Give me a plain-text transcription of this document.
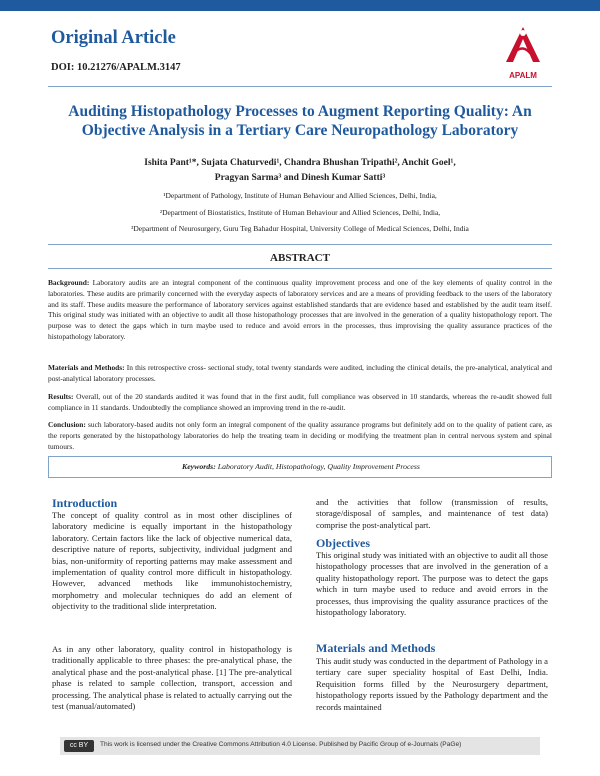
Original Article
DOI: 10.21276/APALM.3147
APALM
Auditing Histopathology Processes to Augment Reporting Quality: An Objective Analysis in a Tertiary Care Neuropathology Laboratory
Ishita Pant¹*, Sujata Chaturvedi¹, Chandra Bhushan Tripathi², Anchit Goel¹,
Pragyan Sarma³ and Dinesh Kumar Satti³
¹Department of Pathology, Institute of Human Behaviour and Allied Sciences, Delhi, India,
²Department of Biostatistics, Institute of Human Behaviour and Allied Sciences, Delhi, India,
³Department of Neurosurgery, Guru Teg Bahadur Hospital, University College of Medical Sciences, Delhi, India
ABSTRACT
Background: Laboratory audits are an integral component of the continuous quality improvement process and one of the key elements of quality control in the laboratories. These audits are primarily concerned with the everyday aspects of laboratory services and are a means of providing feedback to the users of the laboratory and its staff. These audits measure the performance of laboratory services against established standards that are evidence based and established by the audit team itself. This original study was initiated with an objective to audit all those histopathology processes that are involved in the generation of a quality histopathology report. The purpose was to detect the gaps which in turn maybe used to reduce and avoid errors in the processes, thus improvising the quality assurance practices of the histopathology laboratory.
Materials and Methods: In this retrospective cross- sectional study, total twenty standards were audited, including the clinical details, the pre-analytical, analytical and post-analytical laboratory processes.
Results: Overall, out of the 20 standards audited it was found that in the first audit, full compliance was observed in 10 standards, whereas the re-audit showed full compliance in 11 standards. Undoubtedly the compliance showed an improving trend in the re-audit.
Conclusion: such laboratory-based audits not only form an integral component of the quality assurance programs but definitely add on to the quality of patient care, as the reports generated by the histopathology laboratories do help the treating team in deciding or modifying the treatment plan in central nervous system and spinal tumours.
Keywords: Laboratory Audit, Histopathology, Quality Improvement Process
Introduction
The concept of quality control as in most other disciplines of laboratory medicine is equally important in the histopathology laboratory. Certain factors like the lack of objective numerical data, descriptive nature of reports, subjectivity, individual judgment and bias, non-uniformity of reporting patterns may make assessment and implementation of quality control more difficult in histopathology. However, advanced methods like immunohistochemistry, morphometry and molecular techniques do add an element of objectivity to the traditional slide interpretation.
As in any other laboratory, quality control in histopathology is traditionally applicable to three phases: the pre-analytical phase, the analytical phase and the post-analytical phase. [1] The pre-analytical phase is related to sample collection, transport, accession and processing. The analytical phase is related to actually carrying out the test (manual/automated)
and the activities that follow (transmission of results, storage/disposal of samples, and maintenance of test data) comprise the post-analytical part.
Objectives
This original study was initiated with an objective to audit all those histopathology processes that are involved in the generation of a quality histopathology report. The purpose was to detect the gaps which in turn maybe used to reduce and avoid errors in the processes, thus improvising the quality assurance practices of the histopathology laboratory.
Materials and Methods
This audit study was conducted in the department of Pathology in a tertiary care super speciality hospital of East Delhi, India. Requisition forms filled by the Neurosurgery department, histopathology reports issued by the Pathology department and the records maintained
cc BY	This work is licensed under the Creative Commons Attribution 4.0 License. Published by Pacific Group of e-Journals (PaGe)
